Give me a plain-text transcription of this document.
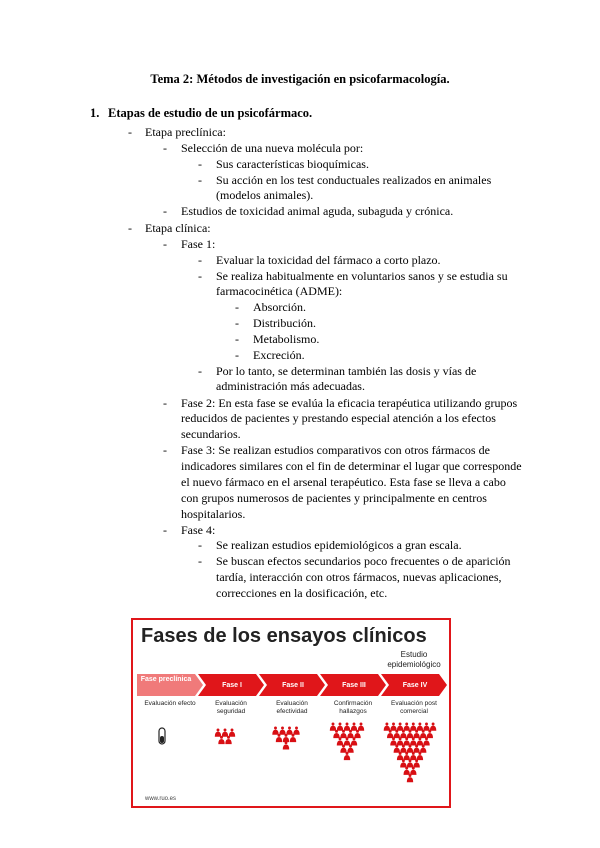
Tema 2: Métodos de investigación en psicofarmacología.
1. Etapas de estudio de un psicofármaco.
- Etapa preclínica:
- Selección de una nueva molécula por:
- Sus características bioquímicas.
- Su acción en los test conductuales realizados en animales
(modelos animales).
- Estudios de toxicidad animal aguda, subaguda y crónica.
- Etapa clínica:
- Fase 1:
- Evaluar la toxicidad del fármaco a corto plazo.
- Se realiza habitualmente en voluntarios sanos y se estudia su
farmacocinética (ADME):
- Absorción.
- Distribución.
- Metabolismo.
- Excreción.
- Por lo tanto, se determinan también las dosis y vías de
administración más adecuadas.
- Fase 2: En esta fase se evalúa la eficacia terapéutica utilizando grupos
reducidos de pacientes y prestando especial atención a los efectos
secundarios.
- Fase 3: Se realizan estudios comparativos con otros fármacos de
indicadores similares con el fin de determinar el lugar que corresponde
el nuevo fármaco en el arsenal terapéutico. Esta fase se lleva a cabo
con grupos numerosos de pacientes y principalmente en centros
hospitalarios.
- Fase 4:
- Se realizan estudios epidemiológicos a gran escala.
- Se buscan efectos secundarios poco frecuentes o de aparición
tardía, interacción con otros fármacos, nuevas aplicaciones,
correcciones en la dosificación, etc.
Fases de los ensayos clínicos
Estudio epidemiológico
Fase preclínica
Evaluación efecto
Fase I
Evaluación seguridad
Fase II
Evaluación efectividad
Fase III
Confirmación hallazgos
Fase IV
Evaluación post comercial
www.ruo.es
